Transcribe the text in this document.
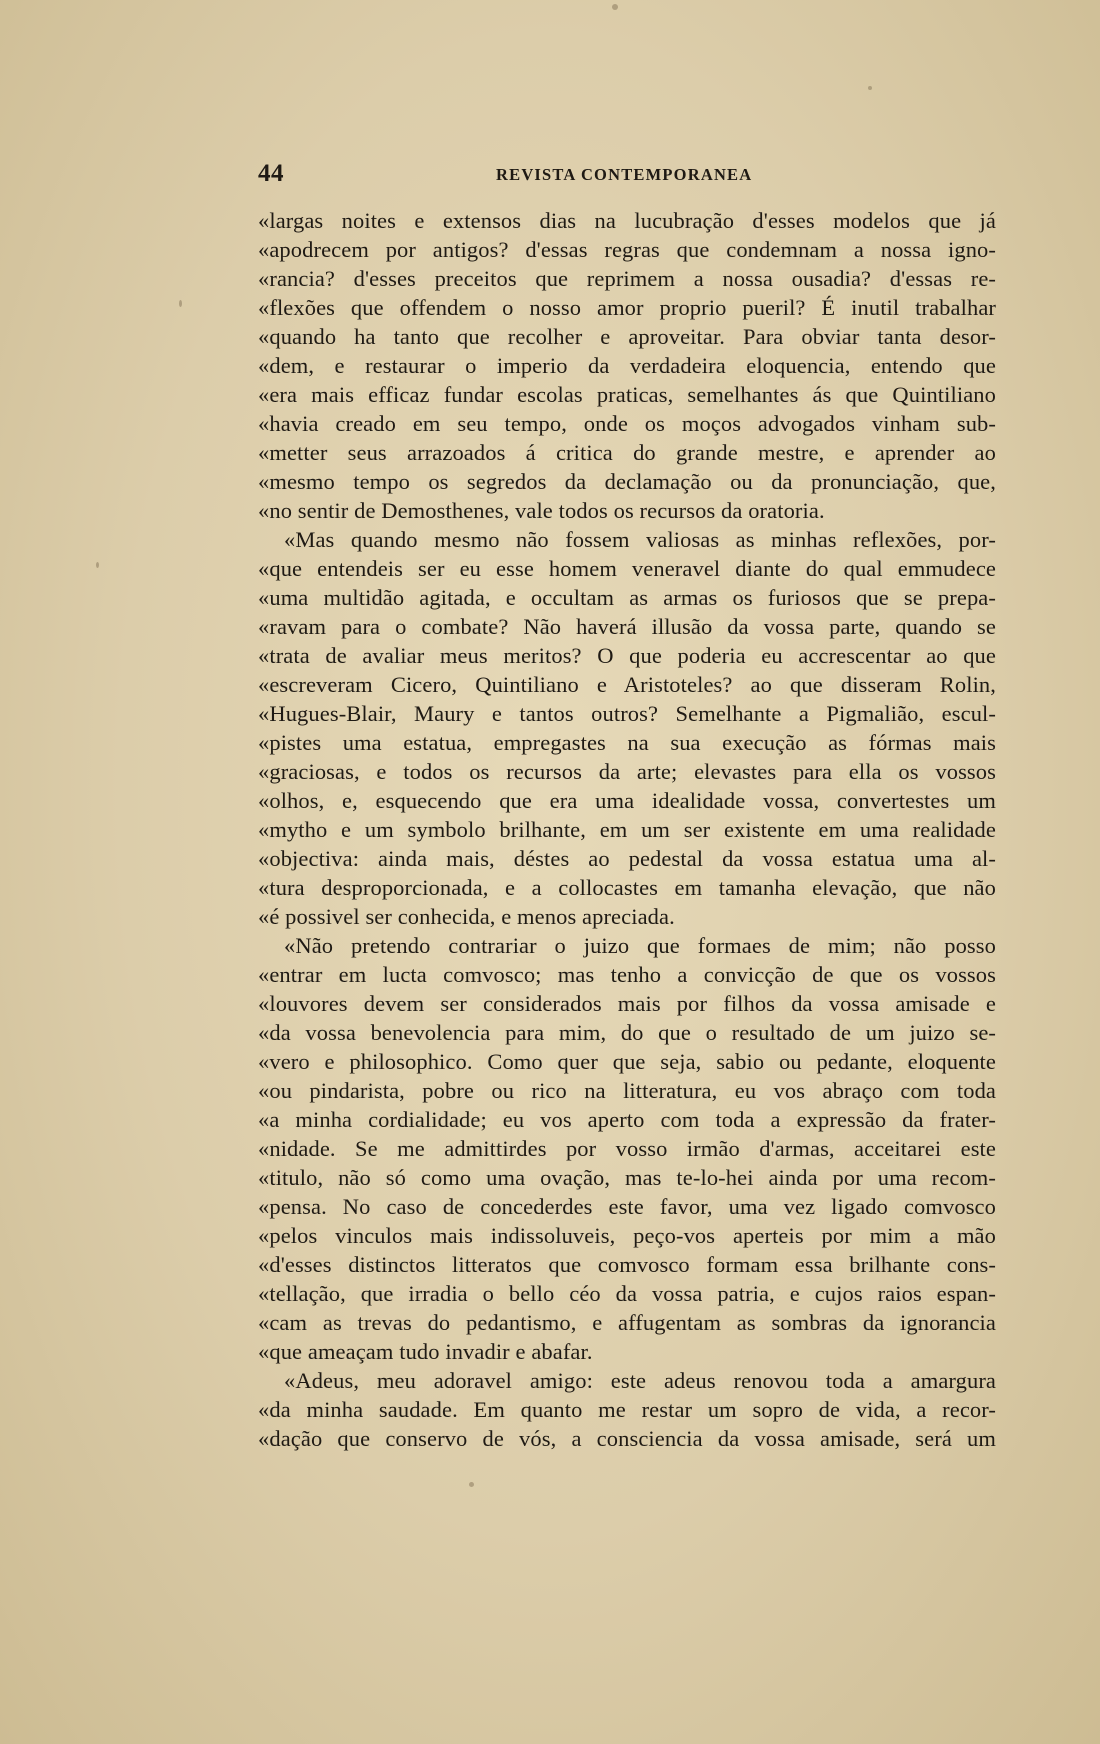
44	REVISTA CONTEMPORANEA
«largas noites e extensos dias na lucubração d'esses modelos que já
«apodrecem por antigos? d'essas regras que condemnam a nossa igno-
«rancia? d'esses preceitos que reprimem a nossa ousadia? d'essas re-
«flexões que offendem o nosso amor proprio pueril? É inutil trabalhar
«quando ha tanto que recolher e aproveitar. Para obviar tanta desor-
«dem, e restaurar o imperio da verdadeira eloquencia, entendo que
«era mais efficaz fundar escolas praticas, semelhantes ás que Quintiliano
«havia creado em seu tempo, onde os moços advogados vinham sub-
«metter seus arrazoados á critica do grande mestre, e aprender ao
«mesmo tempo os segredos da declamação ou da pronunciação, que,
«no sentir de Demosthenes, vale todos os recursos da oratoria.
«Mas quando mesmo não fossem valiosas as minhas reflexões, por-
«que entendeis ser eu esse homem veneravel diante do qual emmudece
«uma multidão agitada, e occultam as armas os furiosos que se prepa-
«ravam para o combate? Não haverá illusão da vossa parte, quando se
«trata de avaliar meus meritos? O que poderia eu accrescentar ao que
«escreveram Cicero, Quintiliano e Aristoteles? ao que disseram Rolin,
«Hugues-Blair, Maury e tantos outros? Semelhante a Pigmalião, escul-
«pistes uma estatua, empregastes na sua execução as fórmas mais
«graciosas, e todos os recursos da arte; elevastes para ella os vossos
«olhos, e, esquecendo que era uma idealidade vossa, convertestes um
«mytho e um symbolo brilhante, em um ser existente em uma realidade
«objectiva: ainda mais, déstes ao pedestal da vossa estatua uma al-
«tura desproporcionada, e a collocastes em tamanha elevação, que não
«é possivel ser conhecida, e menos apreciada.
«Não pretendo contrariar o juizo que formaes de mim; não posso
«entrar em lucta comvosco; mas tenho a convicção de que os vossos
«louvores devem ser considerados mais por filhos da vossa amisade e
«da vossa benevolencia para mim, do que o resultado de um juizo se-
«vero e philosophico. Como quer que seja, sabio ou pedante, eloquente
«ou pindarista, pobre ou rico na litteratura, eu vos abraço com toda
«a minha cordialidade; eu vos aperto com toda a expressão da frater-
«nidade. Se me admittirdes por vosso irmão d'armas, acceitarei este
«titulo, não só como uma ovação, mas te-lo-hei ainda por uma recom-
«pensa. No caso de concederdes este favor, uma vez ligado comvosco
«pelos vinculos mais indissoluveis, peço-vos aperteis por mim a mão
«d'esses distinctos litteratos que comvosco formam essa brilhante cons-
«tellação, que irradia o bello céo da vossa patria, e cujos raios espan-
«cam as trevas do pedantismo, e affugentam as sombras da ignorancia
«que ameaçam tudo invadir e abafar.
«Adeus, meu adoravel amigo: este adeus renovou toda a amargura
«da minha saudade. Em quanto me restar um sopro de vida, a recor-
«dação que conservo de vós, a consciencia da vossa amisade, será um
